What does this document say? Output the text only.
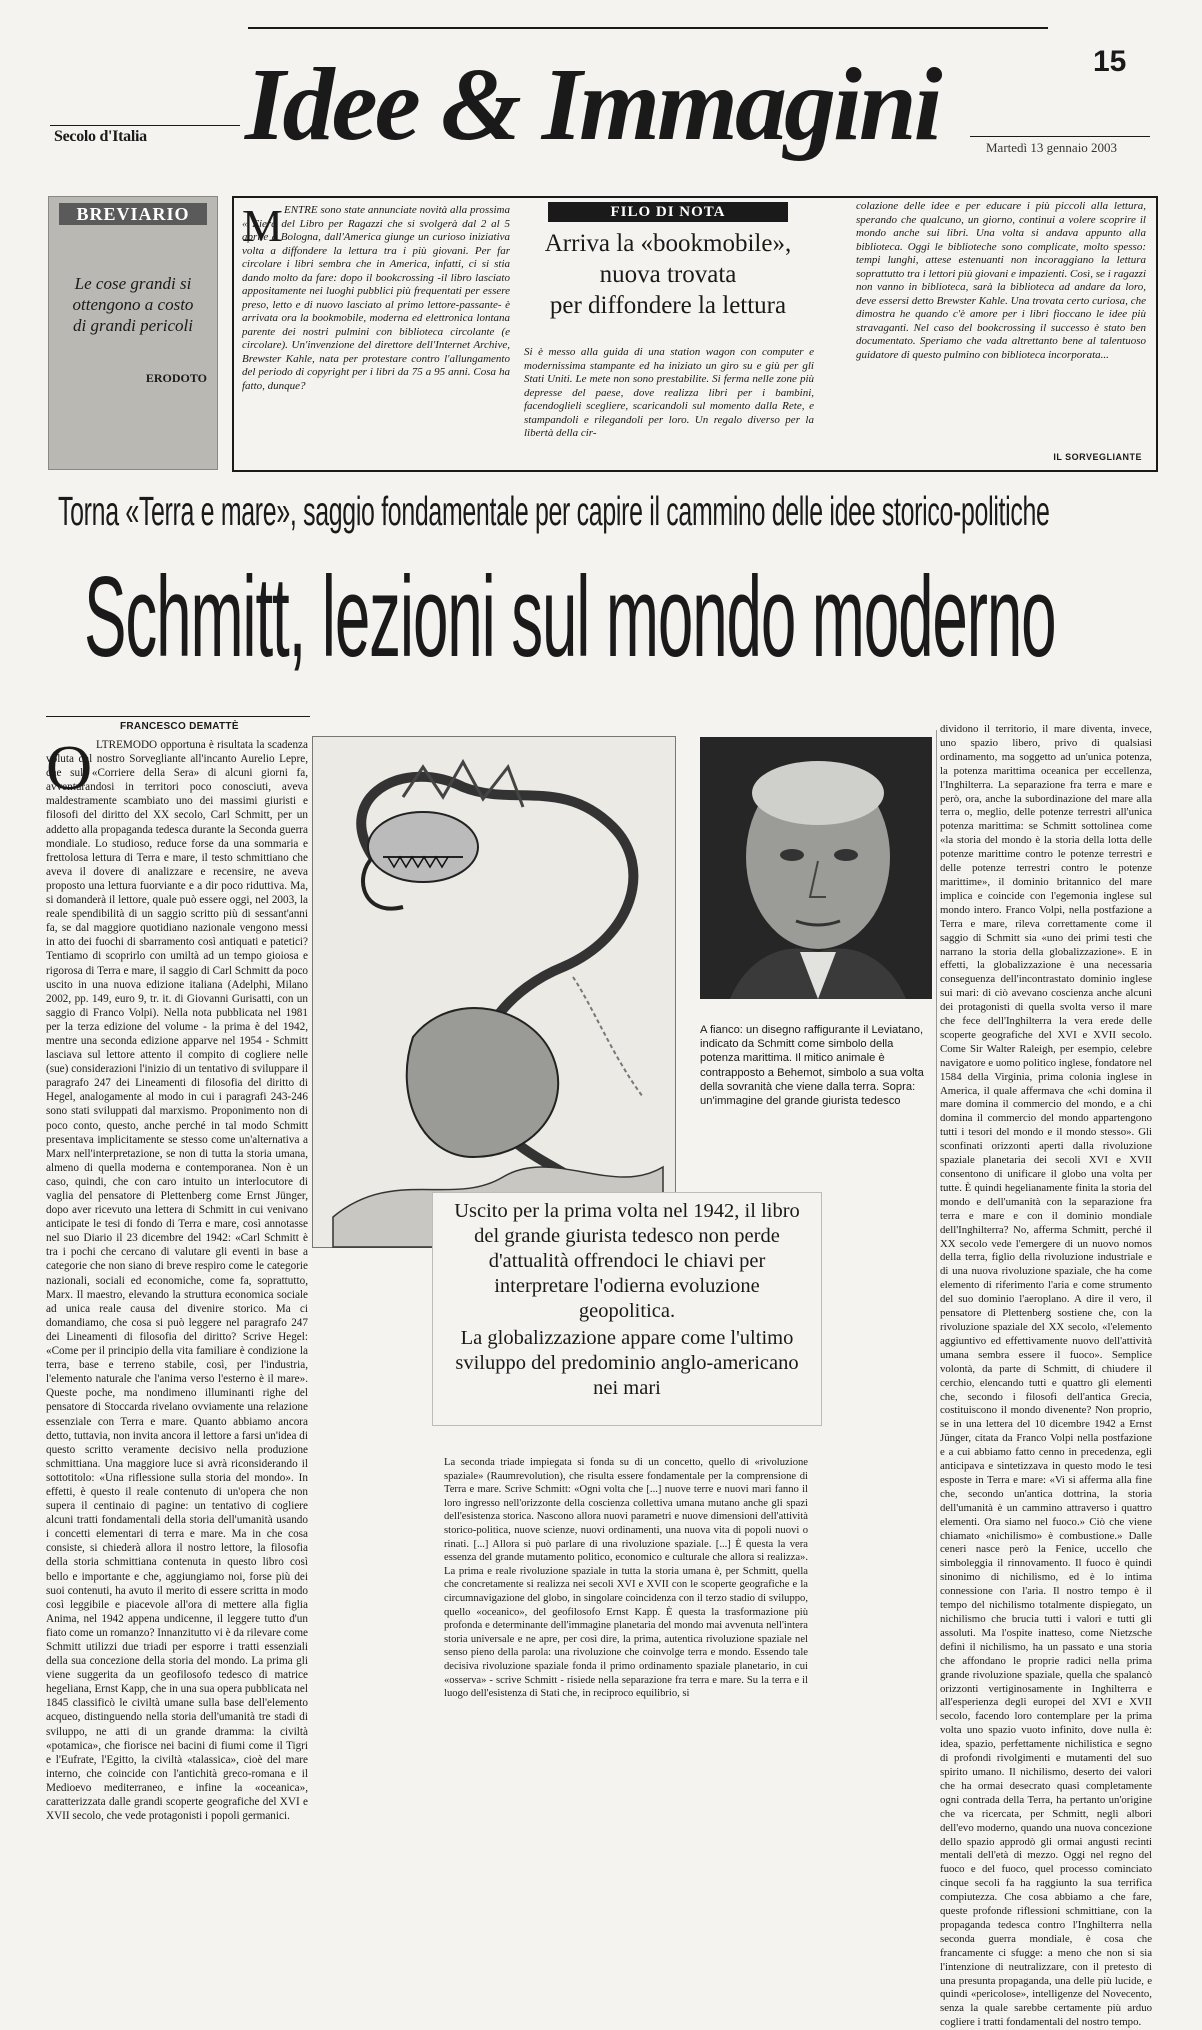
Secolo d'Italia Idee & Immagini	15
Martedì 13 gennaio 2003
BREVIARIO
Le cose grandi si ottengono a costo di grandi pericoli
ERODOTO
M ENTRE sono state annunciate novità alla prossima « Fiera del Libro per Ragazzi che si svolgerà dal 2 al 5 aprile a Bologna, dall'America giunge un curioso iniziativa volta a diffondere la lettura tra i più giovani. Per far circolare i libri sembra che in America, infatti, ci si stia dando molto da fare: dopo il bookcrossing -il libro lasciato appositamente nei luoghi pubblici più frequentati per essere preso, letto e di nuovo lasciato al primo lettore-passante- è arrivata ora la bookmobile, moderna ed elettronica lontana parente dei nostri pulmini con biblioteca circolante (e circolare). Un'invenzione del direttore dell'Internet Archive, Brewster Kahle, nata per protestare contro l'allungamento del periodo di copyright per i libri da 75 a 95 anni. Cosa ha fatto, dunque?

FILO DI NOTA
Arriva la «bookmobile»,
nuova trovata
per diffondere la lettura

Si è messo alla guida di una station wagon con computer e modernissima stampante ed ha iniziato un giro su e giù per gli Stati Uniti. Le mete non sono prestabilite. Si ferma nelle zone più depresse del paese, dove realizza libri per i bambini, facendoglieli scegliere, scaricandoli sul momento dalla Rete, e stampandoli e rilegandoli per loro. Un regalo diverso per la libertà della cir-

colazione delle idee e per educare i più piccoli alla lettura, sperando che qualcuno, un giorno, continui a volere scoprire il mondo anche sui libri. Una volta si andava appunto alla biblioteca. Oggi le biblioteche sono complicate, molto spesso: tempi lunghi, attese estenuanti non incoraggiano la lettura soprattutto tra i lettori più giovani e impazienti. Così, se i ragazzi non vanno in biblioteca, sarà la biblioteca ad andare da loro, deve essersi detto Brewster Kahle. Una trovata certo curiosa, che dimostra he quando c'è amore per i libri fioccano le idee più stravaganti. Nel caso del bookcrossing il successo è stato ben documentato. Speriamo che vada altrettanto bene al talentuoso guidatore di questo pulmino con biblioteca incorporata...

IL SORVEGLIANTE
Torna «Terra e mare», saggio fondamentale per capire il cammino delle idee storico-politiche
Schmitt, lezioni sul mondo moderno
FRANCESCO DEMATTÈ
O LTREMODO opportuna è risultata la scadenza voluta dal nostro Sorvegliante all'incanto Aurelio Lepre, che sul «Corriere della Sera» di alcuni giorni fa, avventurandosi in territori poco conosciuti, aveva maldestramente scambiato uno dei massimi giuristi e filosofi del diritto del XX secolo, Carl Schmitt, per un addetto alla propaganda tedesca durante la Seconda guerra mondiale. Lo studioso, reduce forse da una sommaria e frettolosa lettura di Terra e mare, il testo schmittiano che aveva il dovere di analizzare e recensire, ne aveva proposto una lettura fuorviante e a dir poco riduttiva. Ma, si domanderà il lettore, quale può essere oggi, nel 2003, la reale spendibilità di un saggio scritto più di sessant'anni fa, se dal maggiore quotidiano nazionale vengono messi in atto dei fuochi di sbarramento così antiquati e patetici? Tentiamo di scoprirlo con umiltà ad un tempo gioiosa e rigorosa di Terra e mare, il saggio di Carl Schmitt da poco uscito in una nuova edizione italiana (Adelphi, Milano 2002, pp. 149, euro 9, tr. it. di Giovanni Gurisatti, con un saggio di Franco Volpi). Nella nota pubblicata nel 1981 per la terza edizione del volume - la prima è del 1942, mentre una seconda edizione apparve nel 1954 - Schmitt lasciava sul lettore attento il compito di cogliere nelle (sue) considerazioni l'inizio di un tentativo di sviluppare il paragrafo 247 dei Lineamenti di filosofia del diritto di Hegel, analogamente al modo in cui i paragrafi 243-246 sono stati sviluppati dal marxismo. Proponimento non di poco conto, questo, anche perché in tal modo Schmitt presentava implicitamente se stesso come un'alternativa a Marx nell'interpretazione, se non di tutta la storia umana, almeno di quella moderna e contemporanea. Non è un caso, quindi, che con caro intuito un interlocutore di vaglia del pensatore di Plettenberg come Ernst Jünger, dopo aver ricevuto una lettera di Schmitt in cui venivano anticipate le tesi di fondo di Terra e mare, così annotasse nel suo Diario il 23 dicembre del 1942: «Carl Schmitt è tra i pochi che cercano di valutare gli eventi in base a categorie che non siano di breve respiro come le categorie nazionali, sociali ed economiche, come fa, soprattutto, Marx. Il maestro, elevando la struttura economica sociale ad unica reale causa del divenire storico. Ma ci domandiamo, che cosa si può leggere nel paragrafo 247 dei Lineamenti di filosofia del diritto? Scrive Hegel: «Come per il principio della vita familiare è condizione la terra, base e terreno stabile, così, per l'industria, l'elemento naturale che l'anima verso l'esterno è il mare». Queste poche, ma nondimeno illuminanti righe del pensatore di Stoccarda rivelano ovviamente una relazione essenziale con Terra e mare. Quanto abbiamo ancora detto, tuttavia, non invita ancora il lettore a farsi un'idea di questo scritto veramente decisivo nella produzione schmittiana. Una maggiore luce si avrà riconsiderando il sottotitolo: «Una riflessione sulla storia del mondo». In effetti, è questo il reale contenuto di un'opera che non supera il centinaio di pagine: un tentativo di cogliere alcuni tratti fondamentali della storia dell'umanità usando i concetti elementari di terra e mare. Ma in che cosa consiste, si chiederà allora il nostro lettore, la filosofia della storia schmittiana contenuta in questo libro così bello e importante e che, aggiungiamo noi, forse più dei suoi contenuti, ha avuto il merito di essere scritta in modo così leggibile e piacevole all'ora di mettere alla figlia Anima, nel 1942 appena undicenne, il leggere tutto d'un fiato come un romanzo? Innanzitutto vi è da rilevare come Schmitt utilizzi due triadi per esporre i tratti essenziali della sua concezione della storia del mondo. La prima gli viene suggerita da un geofilosofo tedesco di matrice hegeliana, Ernst Kapp, che in una sua opera pubblicata nel 1845 classificò le civiltà umane sulla base dell'elemento acqueo, distinguendo nella storia dell'umanità tre stadi di sviluppo, ne atti di un grande dramma: la civiltà «potamica», che fiorisce nei bacini di fiumi come il Tigri e l'Eufrate, l'Egitto, la civiltà «talassica», cioè del mare interno, che coincide con l'antichità greco-romana e il Medioevo mediterraneo, e infine la «oceanica», caratterizzata dalle grandi scoperte geografiche del XVI e XVII secolo, che vede protagonisti i popoli germanici.

A fianco: un disegno raffigurante il Leviatano, indicato da Schmitt come simbolo della potenza marittima. Il mitico animale è contrapposto a Behemot, simbolo a sua volta della sovranità che viene dalla terra. Sopra: un'immagine del grande giurista tedesco

dividono il territorio, il mare diventa, invece, uno spazio libero, privo di qualsiasi ordinamento, ma soggetto ad un'unica potenza, la potenza marittima oceanica per eccellenza, l'Inghilterra. La separazione fra terra e mare e però, ora, anche la subordinazione del mare alla terra o, meglio, delle potenze terrestri all'unica potenza marittima: se Schmitt sottolinea come «la storia del mondo è la storia della lotta delle potenze marittime contro le potenze terrestri e delle potenze terrestri contro le potenze marittime», il dominio britannico del mare implica e coincide con l'egemonia inglese sul mondo intero. Franco Volpi, nella postfazione a Terra e mare, rileva correttamente come il saggio di Schmitt sia «uno dei primi testi che narrano la storia della globalizzazione». E in effetti, la globalizzazione è una necessaria conseguenza dell'incontrastato dominio inglese sui mari: di ciò avevano coscienza anche alcuni dei protagonisti di quella svolta verso il mare che fece dell'Inghilterra la vera erede delle scoperte geografiche del XVI e XVII secolo. Come Sir Walter Raleigh, per esempio, celebre navigatore e uomo politico inglese, fondatore nel 1584 della Virginia, prima colonia inglese in America, il quale affermava che «chi domina il mare domina il commercio del mondo, e a chi domina il commercio del mondo appartengono tutti i tesori del mondo e il mondo stesso». Gli sconfinati orizzonti aperti dalla rivoluzione spaziale planetaria dei secoli XVI e XVII consentono di unificare il globo una volta per tutte. È quindi hegelianamente finita la storia del mondo e dell'umanità con la separazione fra terra e mare e con il dominio mondiale dell'Inghilterra? No, afferma Schmitt, perché il XX secolo vede l'emergere di un nuovo nomos della terra, figlio della rivoluzione industriale e di una nuova rivoluzione spaziale, che ha come elemento di riferimento l'aria e come strumento del suo dominio l'aeroplano. A dire il vero, il pensatore di Plettenberg sostiene che, con la rivoluzione spaziale del XX secolo, «l'elemento aggiuntivo ed effettivamente nuovo dell'attività umana sembra essere il fuoco». Semplice volontà, da parte di Schmitt, di chiudere il cerchio, elencando tutti e quattro gli elementi che, secondo i filosofi dell'antica Grecia, costituiscono il mondo divenente? Non proprio, se in una lettera del 10 dicembre 1942 a Ernst Jünger, citata da Franco Volpi nella postfazione e a cui abbiamo fatto cenno in precedenza, egli anticipava e sintetizzava in questo modo le tesi esposte in Terra e mare: «Vi si afferma alla fine che, secondo un'antica dottrina, la storia dell'umanità è un cammino attraverso i quattro elementi. Ora siamo nel fuoco.» Ciò che viene chiamato «nichilismo» è combustione.» Dalle ceneri nasce però la Fenice, uccello che simboleggia il rinnovamento. Il fuoco è quindi sinonimo di nichilismo, ed è lo intima connessione con l'aria. Il nostro tempo è il tempo del nichilismo totalmente dispiegato, un nichilismo che brucia tutti i valori e tutti gli assoluti. Ma l'ospite inatteso, come Nietzsche definì il nichilismo, ha un passato e una storia che affondano le proprie radici nella prima grande rivoluzione spaziale, quella che spalancò orizzonti vertiginosamente in Inghilterra e all'esperienza degli europei del XVI e XVII secolo, facendo loro contemplare per la prima volta uno spazio vuoto infinito, dove nulla è: idea, spazio, perfettamente nichilistica e segno di profondi rivolgimenti e mutamenti del suo spirito umano. Il nichilismo, deserto dei valori che ha ormai desecrato quasi completamente ogni contrada della Terra, ha pertanto un'origine che va ricercata, per Schmitt, negli albori dell'evo moderno, quando una nuova concezione dello spazio approdò gli ormai angusti recinti mentali dell'età di mezzo. Oggi nel regno del fuoco e del fuoco, quel processo cominciato cinque secoli fa ha raggiunto la sua terrifica compiutezza. Che cosa abbiamo a che fare, queste profonde riflessioni schmittiane, con la propaganda tedesca contro l'Inghilterra nella seconda guerra mondiale, è cosa che francamente ci sfugge: a meno che non si sia l'intenzione di neutralizzare, con il pretesto di una presunta propaganda, una delle più lucide, e quindi «pericolose», intelligenze del Novecento, senza la quale sarebbe certamente più arduo cogliere i tratti fondamentali del nostro tempo.

Uscito per la prima volta nel 1942, il libro del grande giurista tedesco non perde d'attualità offrendoci le chiavi per interpretare l'odierna evoluzione geopolitica.
La globalizzazione appare come l'ultimo sviluppo del predominio anglo-americano nei mari

La seconda triade impiegata si fonda su di un concetto, quello di «rivoluzione spaziale» (Raumrevolution), che risulta essere fondamentale per la comprensione di Terra e mare. Scrive Schmitt: «Ogni volta che [...] nuove terre e nuovi mari fanno il loro ingresso nell'orizzonte della coscienza collettiva umana mutano anche gli spazi dell'esistenza storica. Nascono allora nuovi parametri e nuove dimensioni dell'attività storico-politica, nuove scienze, nuovi ordinamenti, una nuova vita di popoli nuovi o rinati. [...] Allora si può parlare di una rivoluzione spaziale. [...] È questa la vera essenza del grande mutamento politico, economico e culturale che allora si realizza». La prima e reale rivoluzione spaziale in tutta la storia umana è, per Schmitt, quella che concretamente si realizza nei secoli XVI e XVII con le scoperte geografiche e la circumnavigazione del globo, in singolare coincidenza con il terzo stadio di sviluppo, quello «oceanico», del geofilosofo Ernst Kapp. È questa la trasformazione più profonda e determinante dell'immagine planetaria del mondo mai avvenuta nell'intera storia universale e ne apre, per così dire, la prima, autentica rivoluzione spaziale nel senso pieno della parola: una rivoluzione che coinvolge terra e mondo. Essendo tale decisiva rivoluzione spaziale fonda il primo ordinamento spaziale planetario, in cui «osserva» - scrive Schmitt - risiede nella separazione fra terra e mare. Su la terra e il luogo dell'esistenza di Stati che, in reciproco equilibrio, si
